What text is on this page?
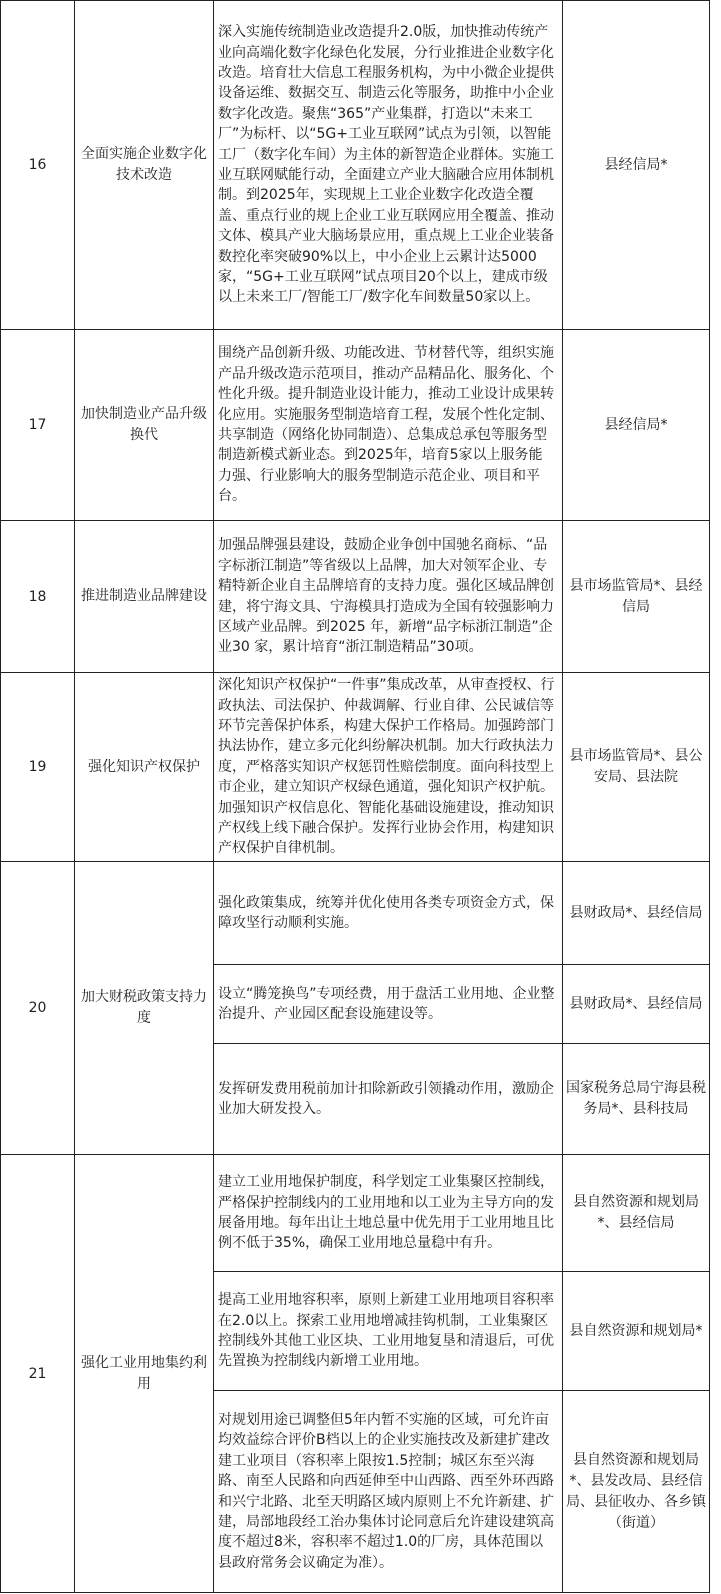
16	全面实施企业数字化技术改造	深入实施传统制造业改造提升2.0版，加快推动传统产业向高端化数字化绿色化发展，分行业推进企业数字化改造。培育壮大信息工程服务机构，为中小微企业提供设备运维、数据交互、制造云化等服务，助推中小企业数字化改造。聚焦“365”产业集群，打造以“未来工厂”为标杆、以“5G+工业互联网”试点为引领，以智能工厂（数字化车间）为主体的新智造企业群体。实施工业互联网赋能行动，全面建立产业大脑融合应用体制机制。到2025年，实现规上工业企业数字化改造全覆盖、重点行业的规上企业工业互联网应用全覆盖、推动文体、模具产业大脑场景应用，重点规上工业企业装备数控化率突破90%以上，中小企业上云累计达5000家，“5G+工业互联网”试点项目20个以上，建成市级以上未来工厂/智能工厂/数字化车间数量50家以上。	县经信局*
17	加快制造业产品升级换代	围绕产品创新升级、功能改进、节材替代等，组织实施产品升级改造示范项目，推动产品精品化、服务化、个性化升级。提升制造业设计能力，推动工业设计成果转化应用。实施服务型制造培育工程，发展个性化定制、共享制造（网络化协同制造）、总集成总承包等服务型制造新模式新业态。到2025年，培育5家以上服务能力强、行业影响大的服务型制造示范企业、项目和平台。	县经信局*
18	推进制造业品牌建设	加强品牌强县建设，鼓励企业争创中国驰名商标、“品字标浙江制造”等省级以上品牌，加大对领军企业、专精特新企业自主品牌培育的支持力度。强化区域品牌创建，将宁海文具、宁海模具打造成为全国有较强影响力区域产业品牌。到2025 年，新增“品字标浙江制造”企业30 家，累计培育“浙江制造精品”30项。	县市场监管局*、县经信局
19	强化知识产权保护	深化知识产权保护“一件事”集成改革，从审查授权、行政执法、司法保护、仲裁调解、行业自律、公民诚信等环节完善保护体系，构建大保护工作格局。加强跨部门执法协作，建立多元化纠纷解决机制。加大行政执法力度，严格落实知识产权惩罚性赔偿制度。面向科技型上市企业，建立知识产权绿色通道，强化知识产权护航。加强知识产权信息化、智能化基础设施建设，推动知识产权线上线下融合保护。发挥行业协会作用，构建知识产权保护自律机制。	县市场监管局*、县公安局、县法院
20	加大财税政策支持力度	强化政策集成，统筹并优化使用各类专项资金方式，保障攻坚行动顺利实施。	县财政局*、县经信局
		设立“腾笼换鸟”专项经费，用于盘活工业用地、企业整治提升、产业园区配套设施建设等。	县财政局*、县经信局
		发挥研发费用税前加计扣除新政引领撬动作用，激励企业加大研发投入。	国家税务总局宁海县税务局*、县科技局
21	强化工业用地集约利用	建立工业用地保护制度，科学划定工业集聚区控制线，严格保护控制线内的工业用地和以工业为主导方向的发展备用地。每年出让土地总量中优先用于工业用地且比例不低于35%，确保工业用地总量稳中有升。	县自然资源和规划局*、县经信局
		提高工业用地容积率，原则上新建工业用地项目容积率在2.0以上。探索工业用地增减挂钩机制，工业集聚区控制线外其他工业区块、工业用地复垦和清退后，可优先置换为控制线内新增工业用地。	县自然资源和规划局*
		对规划用途已调整但5年内暂不实施的区域，可允许亩均效益综合评价B档以上的企业实施技改及新建扩建改建工业项目（容积率上限按1.5控制；城区东至兴海路、南至人民路和向西延伸至中山西路、西至外环西路和兴宁北路、北至天明路区域内原则上不允许新建、扩建，局部地段经工治办集体讨论同意后允许建设建筑高度不超过8米，容积率不超过1.0的厂房，具体范围以县政府常务会议确定为准）。	县自然资源和规划局*、县发改局、县经信局、县征收办、各乡镇（街道）
